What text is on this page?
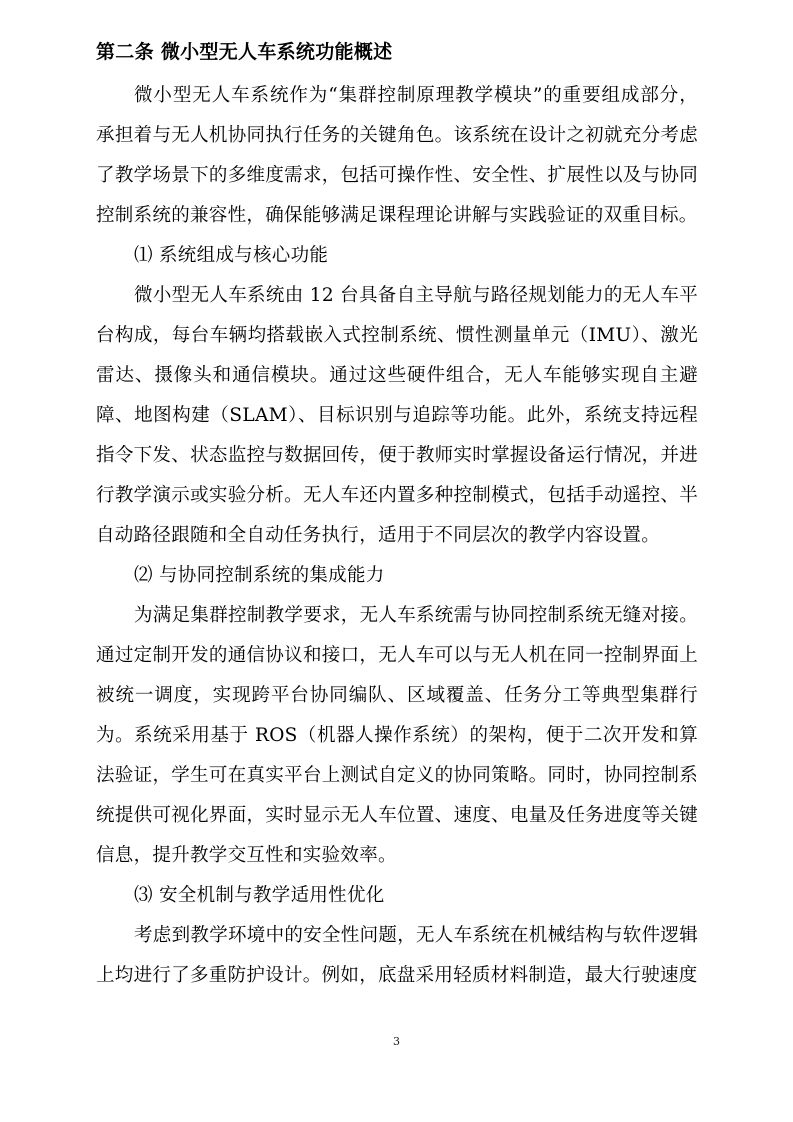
第二条 微小型无人车系统功能概述

微小型无人车系统作为“集群控制原理教学模块”的重要组成部分，承担着与无人机协同执行任务的关键角色。该系统在设计之初就充分考虑了教学场景下的多维度需求，包括可操作性、安全性、扩展性以及与协同控制系统的兼容性，确保能够满足课程理论讲解与实践验证的双重目标。

⑴ 系统组成与核心功能

微小型无人车系统由 12 台具备自主导航与路径规划能力的无人车平台构成，每台车辆均搭载嵌入式控制系统、惯性测量单元（IMU）、激光雷达、摄像头和通信模块。通过这些硬件组合，无人车能够实现自主避障、地图构建（SLAM）、目标识别与追踪等功能。此外，系统支持远程指令下发、状态监控与数据回传，便于教师实时掌握设备运行情况，并进行教学演示或实验分析。无人车还内置多种控制模式，包括手动遥控、半自动路径跟随和全自动任务执行，适用于不同层次的教学内容设置。

⑵ 与协同控制系统的集成能力

为满足集群控制教学要求，无人车系统需与协同控制系统无缝对接。通过定制开发的通信协议和接口，无人车可以与无人机在同一控制界面上被统一调度，实现跨平台协同编队、区域覆盖、任务分工等典型集群行为。系统采用基于 ROS（机器人操作系统）的架构，便于二次开发和算法验证，学生可在真实平台上测试自定义的协同策略。同时，协同控制系统提供可视化界面，实时显示无人车位置、速度、电量及任务进度等关键信息，提升教学交互性和实验效率。

⑶ 安全机制与教学适用性优化

考虑到教学环境中的安全性问题，无人车系统在机械结构与软件逻辑上均进行了多重防护设计。例如，底盘采用轻质材料制造，最大行驶速度

3
